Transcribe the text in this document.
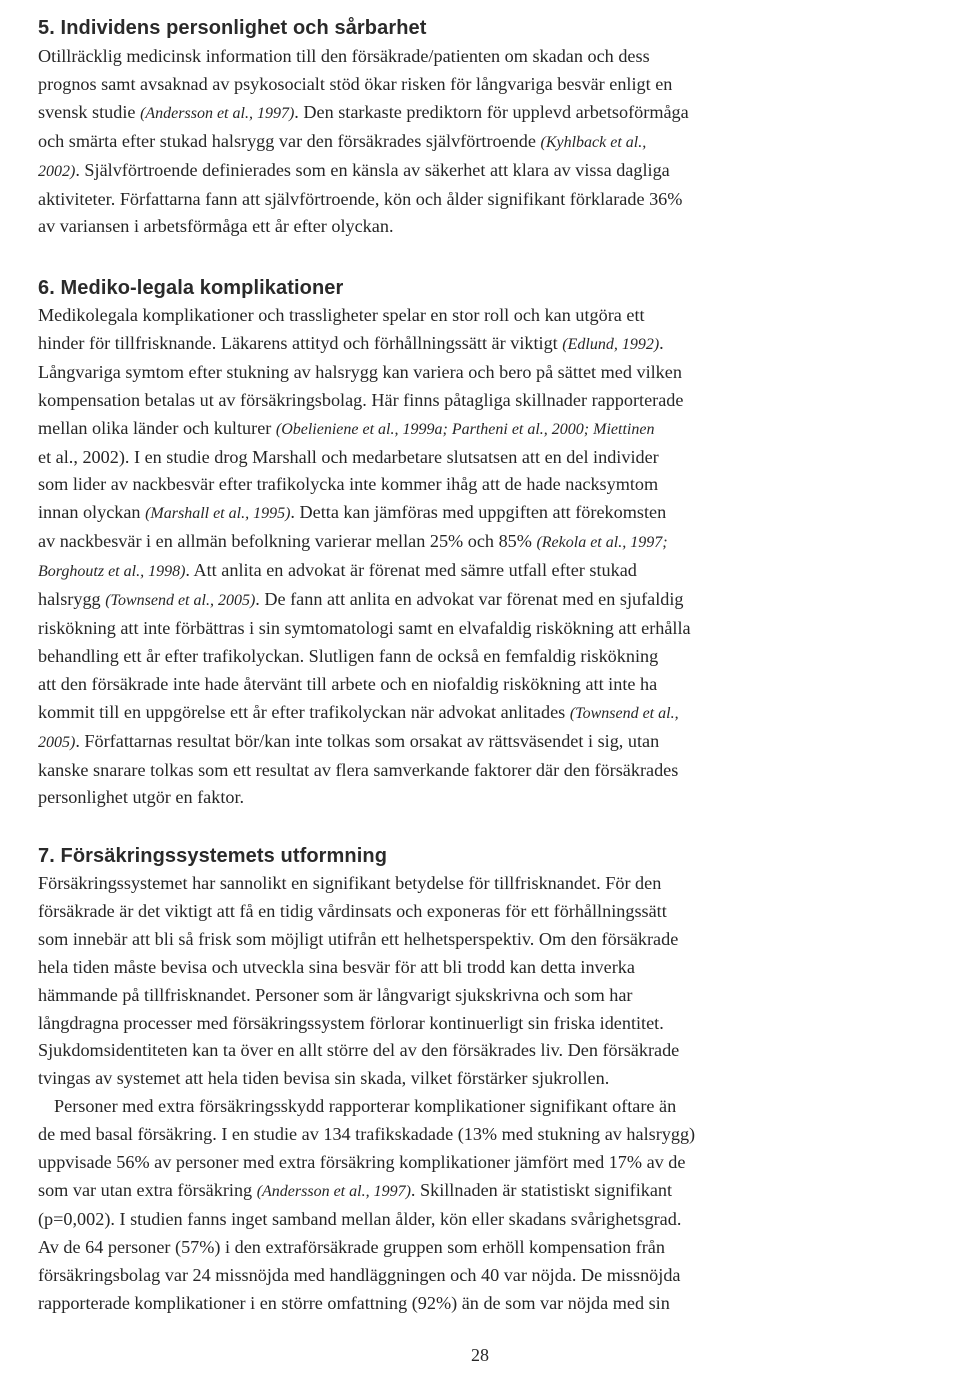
5. Individens personlighet och sårbarhet
Otillräcklig medicinsk information till den försäkrade/patienten om skadan och dess
prognos samt avsaknad av psykosocialt stöd ökar risken för långvariga besvär enligt en
svensk studie (Andersson et al., 1997). Den starkaste prediktorn för upplevd arbetsoförmåga
och smärta efter stukad halsrygg var den försäkrades självförtroende (Kyhlback et al.,
2002). Självförtroende definierades som en känsla av säkerhet att klara av vissa dagliga
aktiviteter. Författarna fann att självförtroende, kön och ålder signifikant förklarade 36%
av variansen i arbetsförmåga ett år efter olyckan.
6. Mediko-legala komplikationer
Medikolegala komplikationer och trassligheter spelar en stor roll och kan utgöra ett
hinder för tillfrisknande. Läkarens attityd och förhållningssätt är viktigt (Edlund, 1992).
Långvariga symtom efter stukning av halsrygg kan variera och bero på sättet med vilken
kompensation betalas ut av försäkringsbolag. Här finns påtagliga skillnader rapporterade
mellan olika länder och kulturer (Obelieniene et al., 1999a; Partheni et al., 2000; Miettinen
et al., 2002). I en studie drog Marshall och medarbetare slutsatsen att en del individer
som lider av nackbesvär efter trafikolycka inte kommer ihåg att de hade nacksymtom
innan olyckan (Marshall et al., 1995). Detta kan jämföras med uppgiften att förekomsten
av nackbesvär i en allmän befolkning varierar mellan 25% och 85% (Rekola et al., 1997;
Borghoutz et al., 1998). Att anlita en advokat är förenat med sämre utfall efter stukad
halsrygg (Townsend et al., 2005). De fann att anlita en advokat var förenat med en sjufaldig
riskökning att inte förbättras i sin symtomatologi samt en elvafaldig riskökning att erhålla
behandling ett år efter trafikolyckan. Slutligen fann de också en femfaldig riskökning
att den försäkrade inte hade återvänt till arbete och en niofaldig riskökning att inte ha
kommit till en uppgörelse ett år efter trafikolyckan när advokat anlitades (Townsend et al.,
2005). Författarnas resultat bör/kan inte tolkas som orsakat av rättsväsendet i sig, utan
kanske snarare tolkas som ett resultat av flera samverkande faktorer där den försäkrades
personlighet utgör en faktor.
7. Försäkringssystemets utformning
Försäkringssystemet har sannolikt en signifikant betydelse för tillfrisknandet. För den
försäkrade är det viktigt att få en tidig vårdinsats och exponeras för ett förhållningssätt
som innebär att bli så frisk som möjligt utifrån ett helhetsperspektiv. Om den försäkrade
hela tiden måste bevisa och utveckla sina besvär för att bli trodd kan detta inverka
hämmande på tillfrisknandet. Personer som är långvarigt sjukskrivna och som har
långdragna processer med försäkringssystem förlorar kontinuerligt sin friska identitet.
Sjukdomsidentiteten kan ta över en allt större del av den försäkrades liv. Den försäkrade
tvingas av systemet att hela tiden bevisa sin skada, vilket förstärker sjukrollen.
Personer med extra försäkringsskydd rapporterar komplikationer signifikant oftare än
de med basal försäkring. I en studie av 134 trafikskadade (13% med stukning av halsrygg)
uppvisade 56% av personer med extra försäkring komplikationer jämfört med 17% av de
som var utan extra försäkring (Andersson et al., 1997). Skillnaden är statistiskt signifikant
(p=0,002). I studien fanns inget samband mellan ålder, kön eller skadans svårighetsgrad.
Av de 64 personer (57%) i den extraförsäkrade gruppen som erhöll kompensation från
försäkringsbolag var 24 missnöjda med handläggningen och 40 var nöjda. De missnöjda
rapporterade komplikationer i en större omfattning (92%) än de som var nöjda med sin
28
